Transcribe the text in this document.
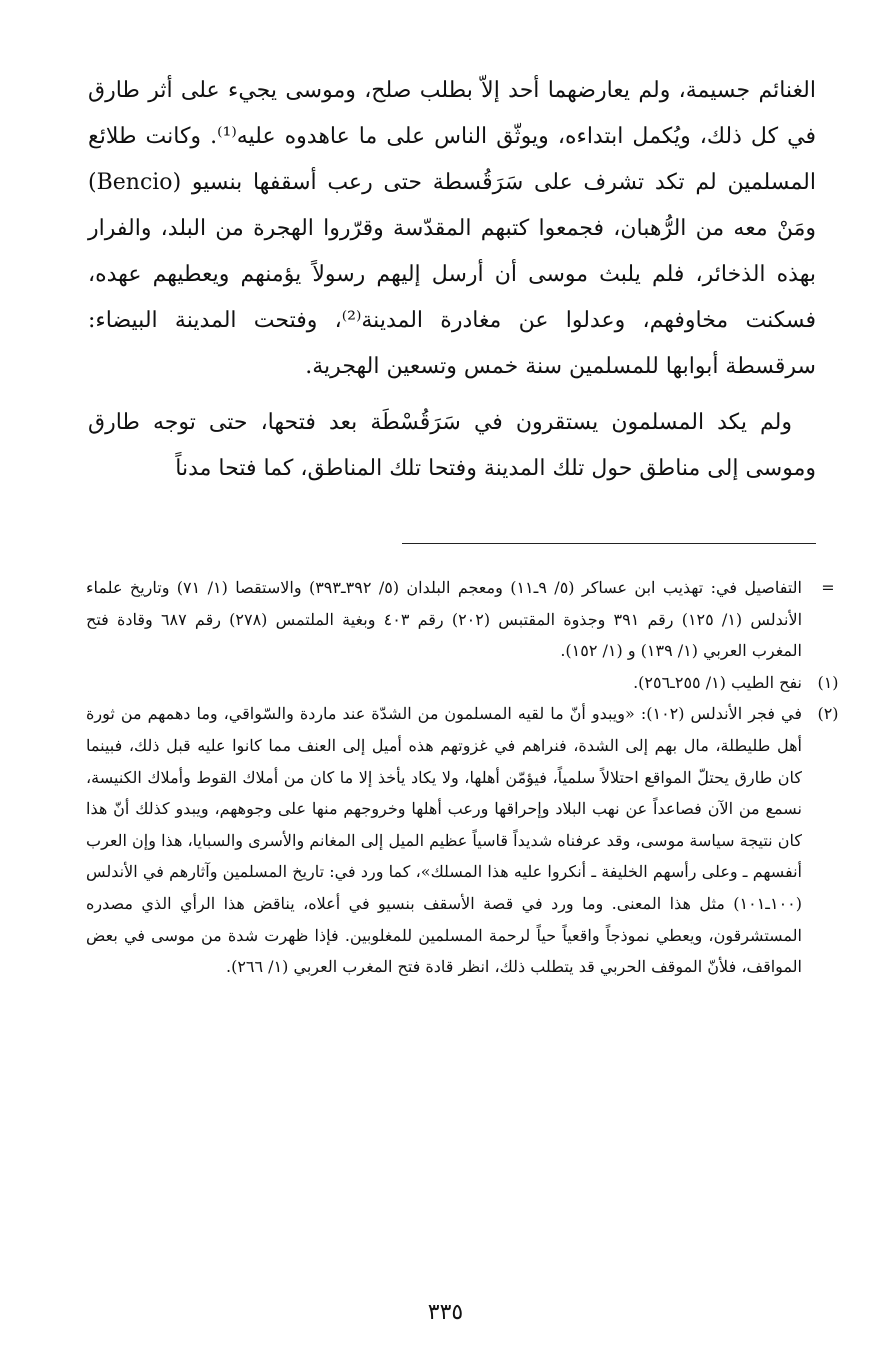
الغنائم جسيمة، ولم يعارضهما أحد إلاّ بطلب صلح، وموسى يجيء على أثر طارق في كل ذلك، ويُكمل ابتداءه، ويوثّق الناس على ما عاهدوه عليه⁽¹⁾. وكانت طلائع المسلمين لم تكد تشرف على سَرَقُسطة حتى رعب أسقفها بنسيو (Bencio) ومَنْ معه من الرُّهبان، فجمعوا كتبهم المقدّسة وقرّروا الهجرة من البلد، والفرار بهذه الذخائر، فلم يلبث موسى أن أرسل إليهم رسولاً يؤمنهم ويعطيهم عهده، فسكنت مخاوفهم، وعدلوا عن مغادرة المدينة⁽²⁾، وفتحت المدينة البيضاء: سرقسطة أبوابها للمسلمين سنة خمس وتسعين الهجرية.

ولم يكد المسلمون يستقرون في سَرَقُسْطَة بعد فتحها، حتى توجه طارق وموسى إلى مناطق حول تلك المدينة وفتحا تلك المناطق، كما فتحا مدناً

=
التفاصيل في: تهذيب ابن عساكر (٥/ ٩ـ١١) ومعجم البلدان (٥/ ٣٩٢ـ٣٩٣) والاستقصا (١/ ٧١) وتاريخ علماء الأندلس (١/ ١٢٥) رقم ٣٩١ وجذوة المقتبس (٢٠٢) رقم ٤٠٣ وبغية الملتمس (٢٧٨) رقم ٦٨٧ وقادة فتح المغرب العربي (١/ ١٣٩) و (١/ ١٥٢).
(١)
نفح الطيب (١/ ٢٥٥ـ٢٥٦).
(٢)
في فجر الأندلس (١٠٢): «ويبدو أنّ ما لقيه المسلمون من الشدّة عند ماردة والسّواقي، وما دهمهم من ثورة أهل طليطلة، مال بهم إلى الشدة، فنراهم في غزوتهم هذه أميل إلى العنف مما كانوا عليه قبل ذلك، فبينما كان طارق يحتلّ المواقع احتلالاً سلمياً، فيؤمّن أهلها، ولا يكاد يأخذ إلا ما كان من أملاك القوط وأملاك الكنيسة، نسمع من الآن فصاعداً عن نهب البلاد وإحراقها ورعب أهلها وخروجهم منها على وجوههم، ويبدو كذلك أنّ هذا كان نتيجة سياسة موسى، وقد عرفناه شديداً قاسياً عظيم الميل إلى المغانم والأسرى والسبايا، هذا وإن العرب أنفسهم ـ وعلى رأسهم الخليفة ـ أنكروا عليه هذا المسلك»، كما ورد في: تاريخ المسلمين وآثارهم في الأندلس (١٠٠ـ١٠١) مثل هذا المعنى. وما ورد في قصة الأسقف بنسيو في أعلاه، يناقض هذا الرأي الذي مصدره المستشرقون، ويعطي نموذجاً واقعياً حياً لرحمة المسلمين للمغلوبين. فإذا ظهرت شدة من موسى في بعض المواقف، فلأنّ الموقف الحربي قد يتطلب ذلك، انظر قادة فتح المغرب العربي (١/ ٢٦٦).
٣٣٥
